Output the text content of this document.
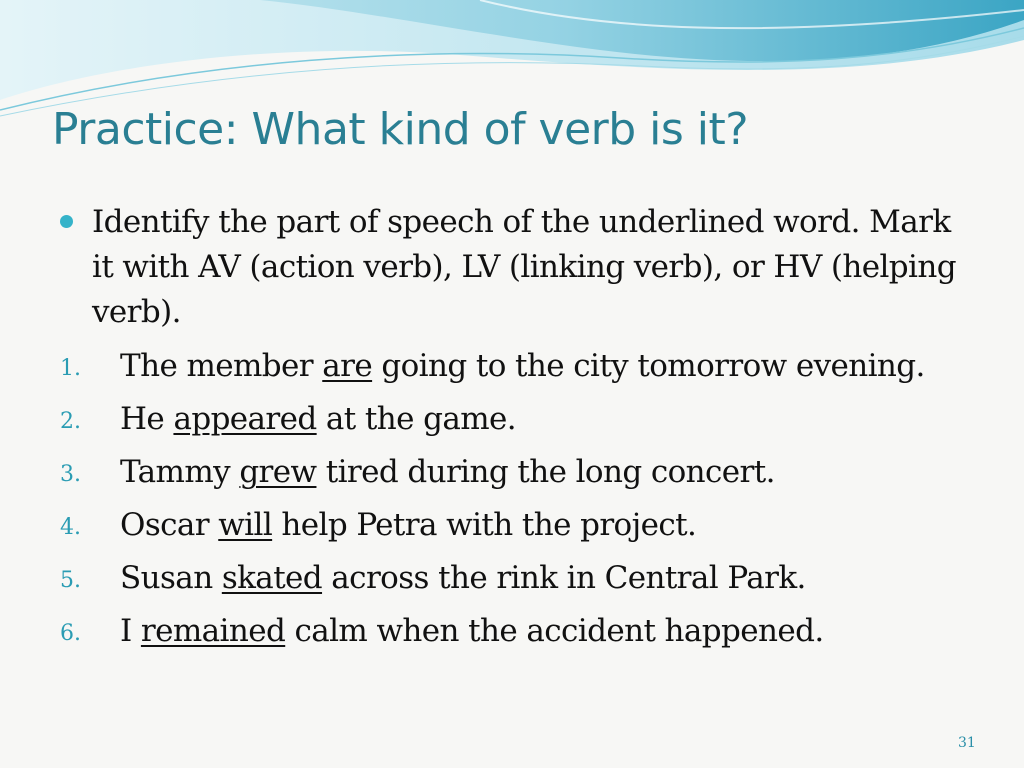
Practice: What kind of verb is it?

Identify the part of speech of the underlined word. Mark it with AV (action verb), LV (linking verb), or HV (helping verb).

1. The member are going to the city tomorrow evening.
2. He appeared at the game.
3. Tammy grew tired during the long concert.
4. Oscar will help Petra with the project.
5. Susan skated across the rink in Central Park.
6. I remained calm when the accident happened.
31
